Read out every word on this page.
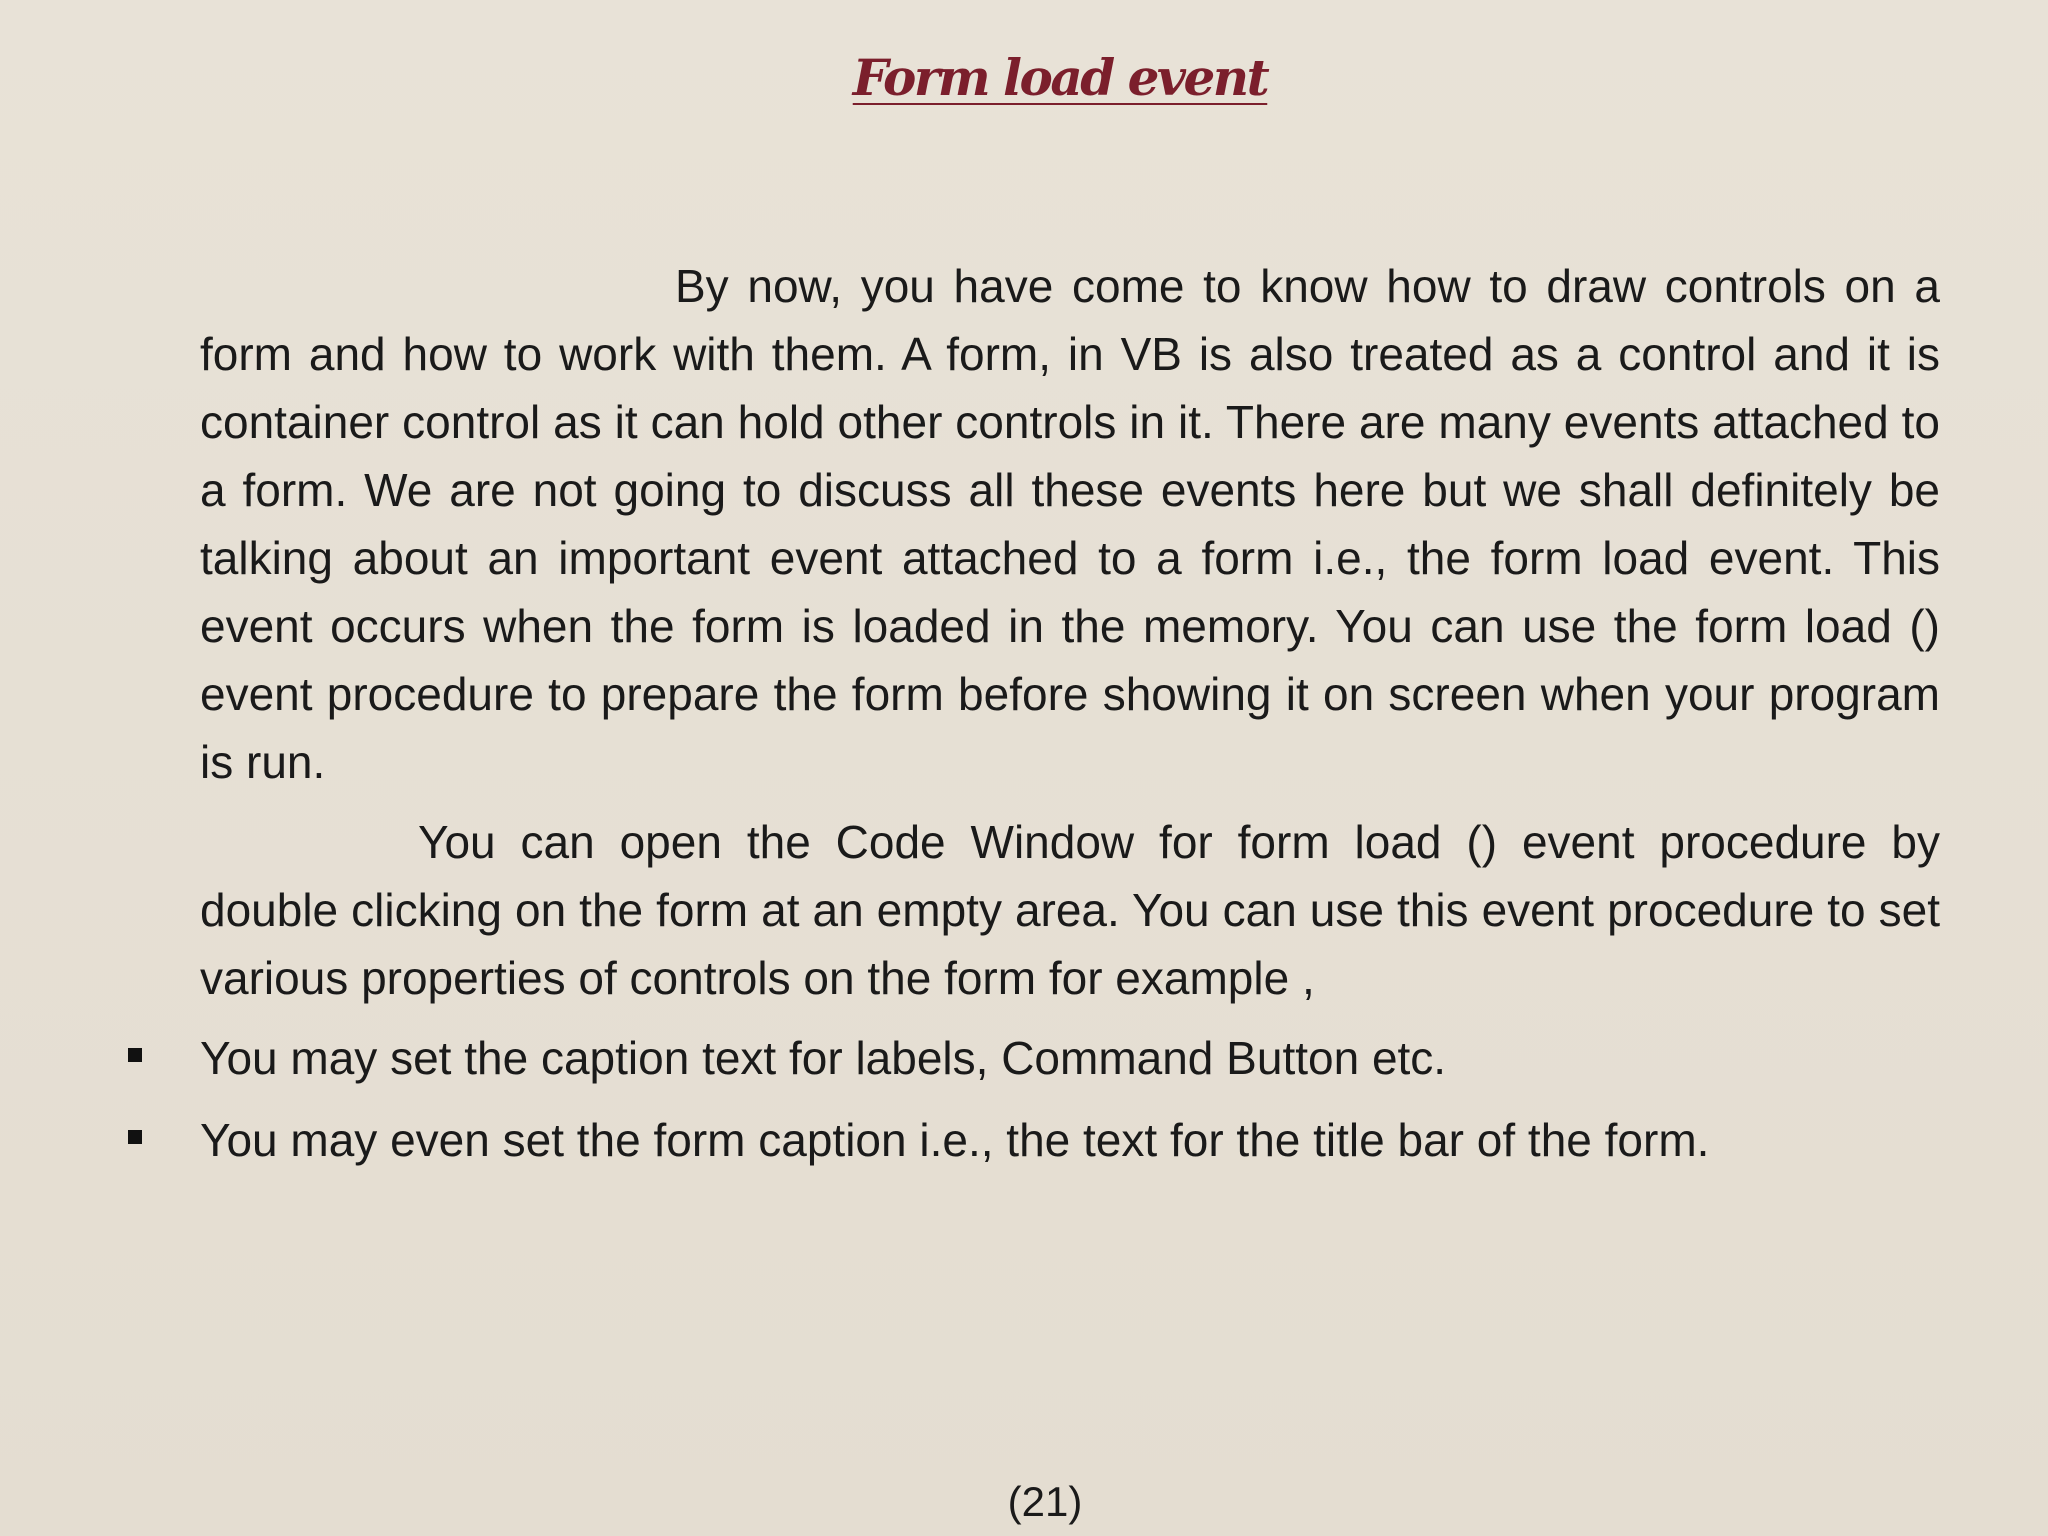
Form load event

By now, you have come to know how to draw controls on a form and how to work with them. A form, in VB is also treated as a control and it is container control as it can hold other controls in it. There are many events attached to a form. We are not going to discuss all these events here but we shall definitely be talking about an important event attached to a form i.e., the form load event. This event occurs when the form is loaded in the memory. You can use the form load () event procedure to prepare the form before showing it on screen when your program is run.

You can open the Code Window for form load () event procedure by double clicking on the form at an empty area. You can use this event procedure to set various properties of controls on the form for example ,

You may set the caption text for labels, Command Button etc.
You may even set the form caption i.e., the text for the title bar of the form.
(21)
